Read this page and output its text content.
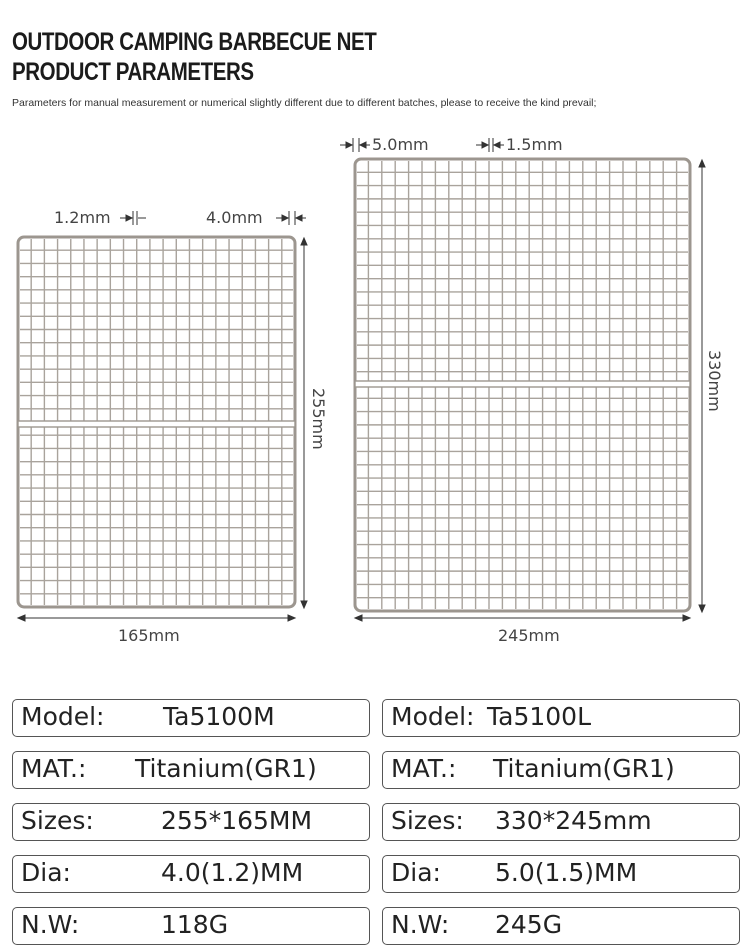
OUTDOOR CAMPING BARBECUE NET
PRODUCT PARAMETERS
Parameters for manual measurement or numerical slightly different due to different batches, please to receive the kind prevail;
1.2mm	4.0mm
255mm
165mm
5.0mm	1.5mm
330mm
245mm
Model: Ta5100M
MAT.: Titanium(GR1)
Sizes:	255*165MM
Dia:	4.0(1.2)MM
N.W:	118G
Model: Ta5100L
MAT.: Titanium(GR1)
Sizes: 330*245mm
Dia: 5.0(1.5)MM
N.W: 245G
